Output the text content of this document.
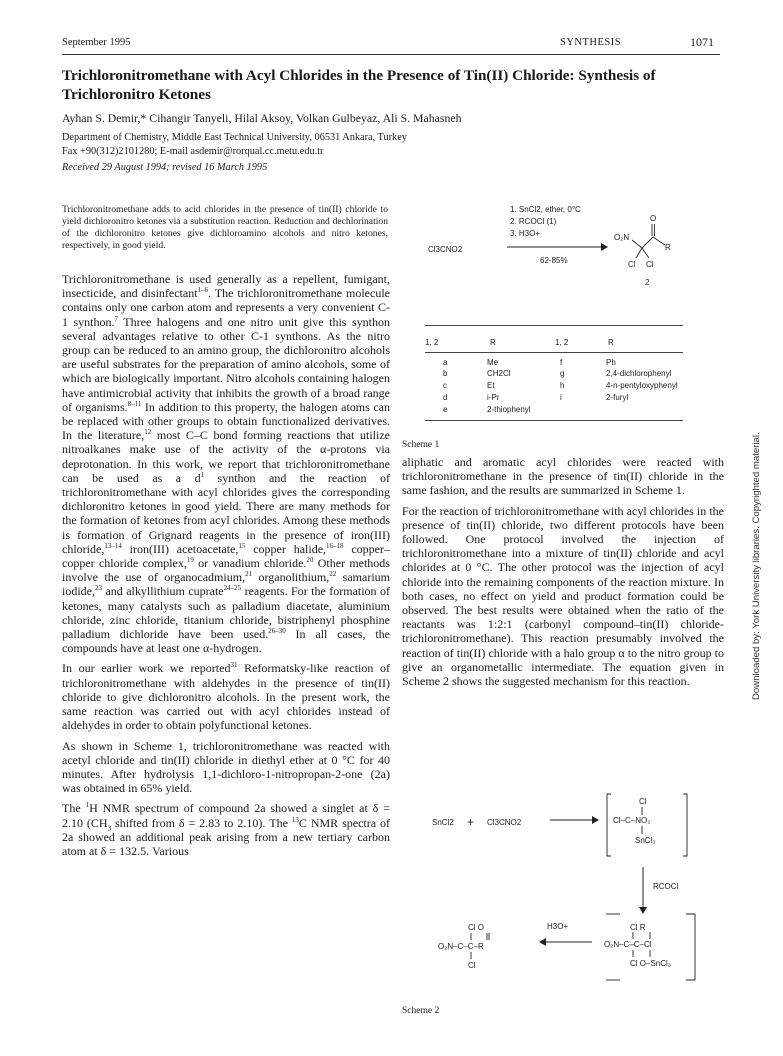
September 1995	SYNTHESIS	1071
Trichloronitromethane with Acyl Chlorides in the Presence of Tin(II) Chloride: Synthesis of Trichloronitro Ketones
Ayhan S. Demir,* Cihangir Tanyeli, Hilal Aksoy, Volkan Gulbeyaz, Ali S. Mahasneh
Department of Chemistry, Middle East Technical University, 06531 Ankara, Turkey
Fax +90(312)2101280; E-mail asdemir@rorqual.cc.metu.edu.tr
Received 29 August 1994; revised 16 March 1995
Trichloronitromethane adds to acid chlorides in the presence of tin(II) chloride to yield dichloronitro ketones via a substitution reaction. Reduction and dechlorination of the dichloronitro ketones give dichloroamino alcohols and nitro ketones, respectively, in good yield.

Trichloronitromethane is used generally as a repellent, fumigant, insecticide, and disinfectant$^{1-6}$. The trichloronitromethane molecule contains only one carbon atom and represents a very convenient C-1 synthon.$^7$ Three halogens and one nitro unit give this synthon several advantages relative to other C-1 synthons. As the nitro group can be reduced to an amino group, the dichloronitro alcohols are useful substrates for the preparation of amino alcohols, some of which are biologically important. Nitro alcohols containing halogen have antimicrobial activity that inhibits the growth of a broad range of organisms.$^{8-11}$ In addition to this property, the halogen atoms can be replaced with other groups to obtain functionalized derivatives. In the literature,$^{12}$ most C–C bond forming reactions that utilize nitroalkanes make use of the activity of the α-protons via deprotonation. In this work, we report that trichloronitromethane can be used as a $d^1$ synthon and the reaction of trichloronitromethane with acyl chlorides gives the corresponding dichloronitro ketones in good yield. There are many methods for the formation of ketones from acyl chlorides. Among these methods is formation of Grignard reagents in the presence of iron(III) chloride,$^{13-14}$ iron(III) acetoacetate,$^{15}$ copper halide,$^{16-18}$ copper–copper chloride complex,$^{19}$ or vanadium chloride.$^{20}$ Other methods involve the use of organocadmium,$^{21}$ organolithium,$^{22}$ samarium iodide,$^{23}$ and alkyllithium cuprate$^{24-25}$ reagents. For the formation of ketones, many catalysts such as palladium diacetate, aluminium chloride, zinc chloride, titanium chloride, bistriphenyl phosphine palladium dichloride have been used.$^{26-30}$ In all cases, the compounds have at least one α-hydrogen.

In our earlier work we reported$^{31}$ Reformatsky-like reaction of trichloronitromethane with aldehydes in the presence of tin(II) chloride to give dichloronitro alcohols. In the present work, the same reaction was carried out with acyl chlorides instead of aldehydes in order to obtain polyfunctional ketones.

As shown in Scheme 1, trichloronitromethane was reacted with acetyl chloride and tin(II) chloride in diethyl ether at 0 °C for 40 minutes. After hydrolysis 1,1-dichloro-1-nitropropan-2-one (2a) was obtained in 65% yield.

The $^1$H NMR spectrum of compound 2a showed a singlet at δ = 2.10 ($CH_3$ shifted from δ = 2.83 to 2.10). The $^{13}$C NMR spectra of 2a showed an additional peak arising from a new tertiary carbon atom at δ = 132.5. Various

1. SnCl2, ether, 0°C
2. RCOCl (1)
3. H3O+
Cl3CNO2
62-85%
O
O₂N
R
Cl Cl
2
1, 2	R	1, 2	R
a	Me	f	Ph
b	CH2Cl	g	2,4-dichlorophenyl
c	Et	h	4-n-pentyloxyphenyl
d	i-Pr	i	2-furyl
e	2-thiophenyl
Scheme 1

aliphatic and aromatic acyl chlorides were reacted with trichloronitromethane in the presence of tin(II) chloride in the same fashion, and the results are summarized in Scheme 1.

For the reaction of trichloronitromethane with acyl chlorides in the presence of tin(II) chloride, two different protocols have been followed. One protocol involved the injection of trichloronitromethane into a mixture of tin(II) chloride and acyl chlorides at 0 °C. The other protocol was the injection of acyl chloride into the remaining components of the reaction mixture. In both cases, no effect on yield and product formation could be observed. The best results were obtained when the ratio of the reactants was 1:2:1 (carbonyl compound–tin(II) chloride-trichloronitromethane). This reaction presumably involved the reaction of tin(II) chloride with a halo group α to the nitro group to give an organometallic intermediate. The equation given in Scheme 2 shows the suggested mechanism for this reaction.

SnCl2 + Cl3CNO2
Cl
Cl–C–NO₂
SnCl₃
RCOCl
Cl R
O₂N–C–C–Cl
Cl O–SnCl₃
H3O+
Cl O
O₂N–C–C–R
Cl
Scheme 2
Downloaded by: York University libraries. Copyrighted material.
